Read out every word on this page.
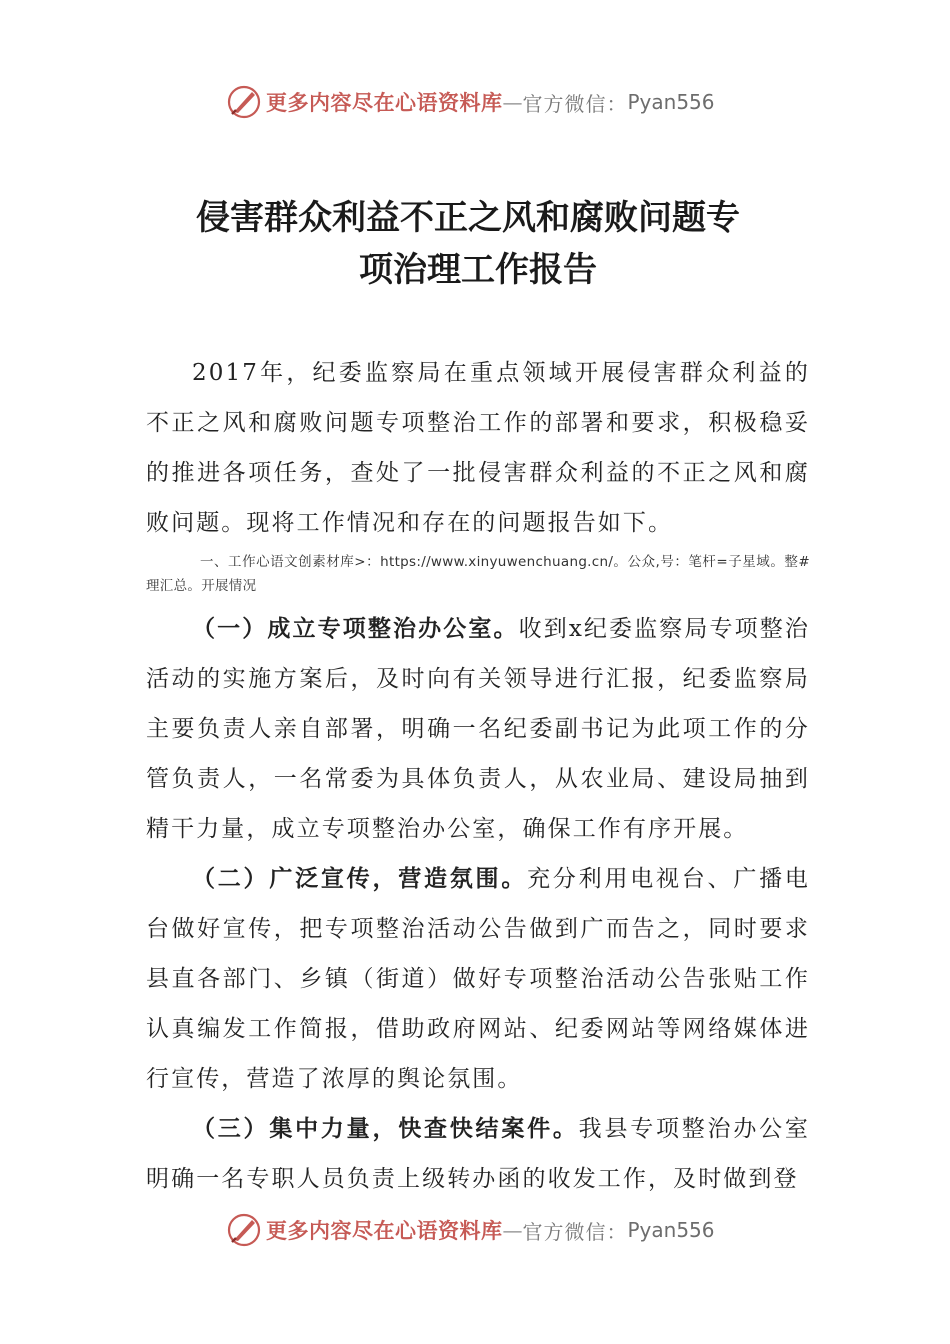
更多内容尽在心语资料库 — 官方微信： Pyan556
侵害群众利益不正之风和腐败问题专
项治理工作报告

2017年，纪委监察局在重点领域开展侵害群众利益的不正之风和腐败问题专项整治工作的部署和要求，积极稳妥的推进各项任务，查处了一批侵害群众利益的不正之风和腐败问题。现将工作情况和存在的问题报告如下。

一、工作心语文创素材库>：https://www.xinyuwenchuang.cn/。公众,号：笔杆=子星域。整#理汇总。开展情况

（一）成立专项整治办公室。收到x纪委监察局专项整治活动的实施方案后，及时向有关领导进行汇报，纪委监察局主要负责人亲自部署，明确一名纪委副书记为此项工作的分管负责人，一名常委为具体负责人，从农业局、建设局抽到精干力量，成立专项整治办公室，确保工作有序开展。

（二）广泛宣传，营造氛围。充分利用电视台、广播电台做好宣传，把专项整治活动公告做到广而告之，同时要求县直各部门、乡镇（街道）做好专项整治活动公告张贴工作认真编发工作简报，借助政府网站、纪委网站等网络媒体进行宣传，营造了浓厚的舆论氛围。

（三）集中力量，快查快结案件。我县专项整治办公室明确一名专职人员负责上级转办函的收发工作，及时做到登

更多内容尽在心语资料库 — 官方微信： Pyan556
